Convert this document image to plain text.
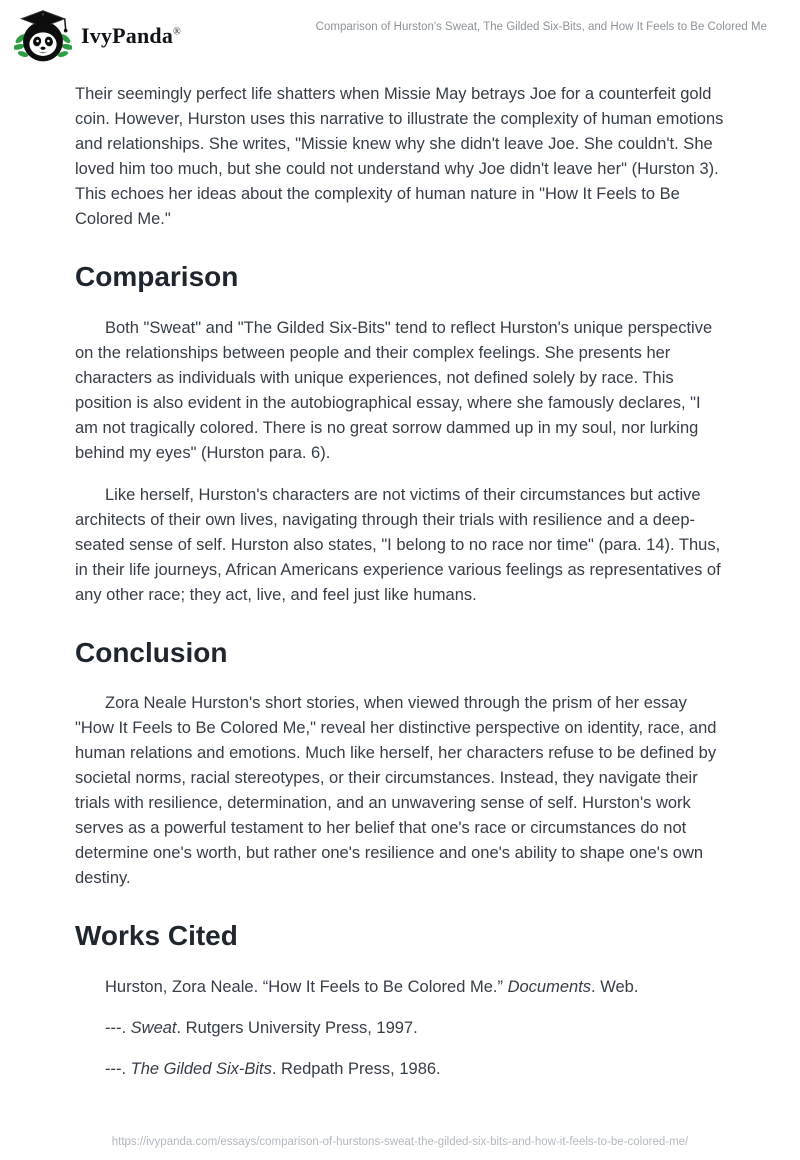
IvyPanda®	Comparison of Hurston's Sweat, The Gilded Six-Bits, and How It Feels to Be Colored Me

Their seemingly perfect life shatters when Missie May betrays Joe for a counterfeit gold coin. However, Hurston uses this narrative to illustrate the complexity of human emotions and relationships. She writes, "Missie knew why she didn't leave Joe. She couldn't. She loved him too much, but she could not understand why Joe didn't leave her" (Hurston 3). This echoes her ideas about the complexity of human nature in "How It Feels to Be Colored Me."

Comparison

Both "Sweat" and "The Gilded Six-Bits" tend to reflect Hurston's unique perspective on the relationships between people and their complex feelings. She presents her characters as individuals with unique experiences, not defined solely by race. This position is also evident in the autobiographical essay, where she famously declares, "I am not tragically colored. There is no great sorrow dammed up in my soul, nor lurking behind my eyes" (Hurston para. 6).

Like herself, Hurston's characters are not victims of their circumstances but active architects of their own lives, navigating through their trials with resilience and a deep-seated sense of self. Hurston also states, "I belong to no race nor time" (para. 14). Thus, in their life journeys, African Americans experience various feelings as representatives of any other race; they act, live, and feel just like humans.

Conclusion

Zora Neale Hurston's short stories, when viewed through the prism of her essay "How It Feels to Be Colored Me," reveal her distinctive perspective on identity, race, and human relations and emotions. Much like herself, her characters refuse to be defined by societal norms, racial stereotypes, or their circumstances. Instead, they navigate their trials with resilience, determination, and an unwavering sense of self. Hurston's work serves as a powerful testament to her belief that one's race or circumstances do not determine one's worth, but rather one's resilience and one's ability to shape one's own destiny.

Works Cited

Hurston, Zora Neale. “How It Feels to Be Colored Me.” Documents. Web.

---. Sweat. Rutgers University Press, 1997.

---. The Gilded Six-Bits. Redpath Press, 1986.

https://ivypanda.com/essays/comparison-of-hurstons-sweat-the-gilded-six-bits-and-how-it-feels-to-be-colored-me/
